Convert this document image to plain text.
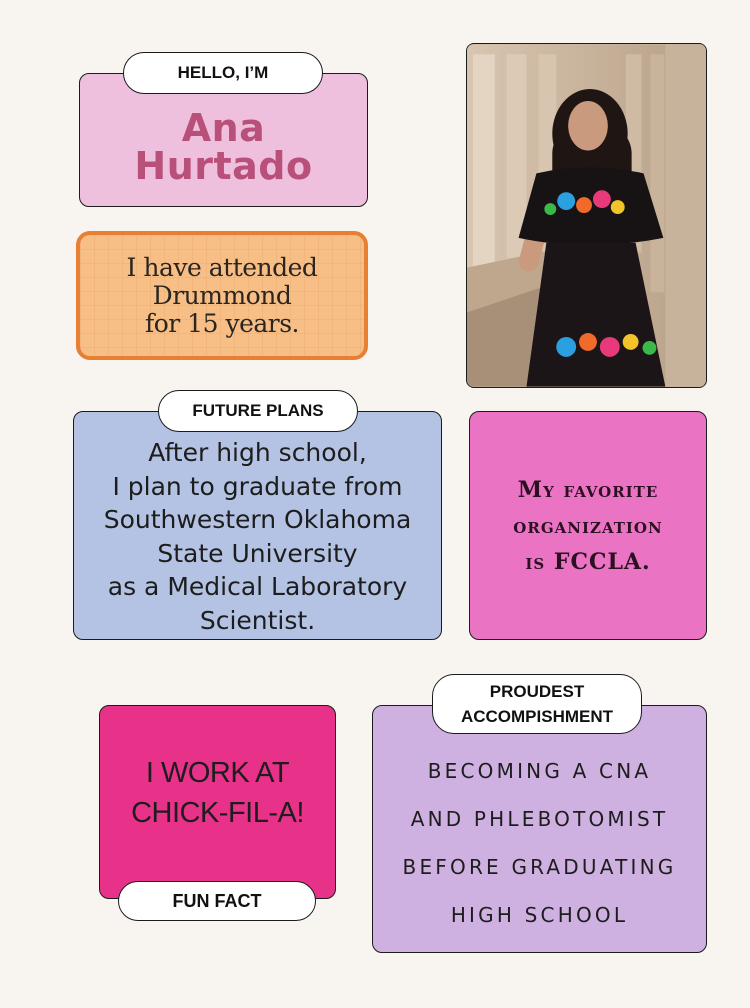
Ana
Hurtado
HELLO, I’M
I have attended
Drummond
for 15 years.
After high school,
I plan to graduate from
Southwestern Oklahoma
State University
as a Medical Laboratory
Scientist.
FUTURE PLANS
My favorite
organization
is FCCLA.
I WORK AT
CHICK-FIL-A!
FUN FACT
BECOMING A CNA
AND PHLEBOTOMIST
BEFORE GRADUATING
HIGH SCHOOL
PROUDEST
ACCOMPISHMENT
